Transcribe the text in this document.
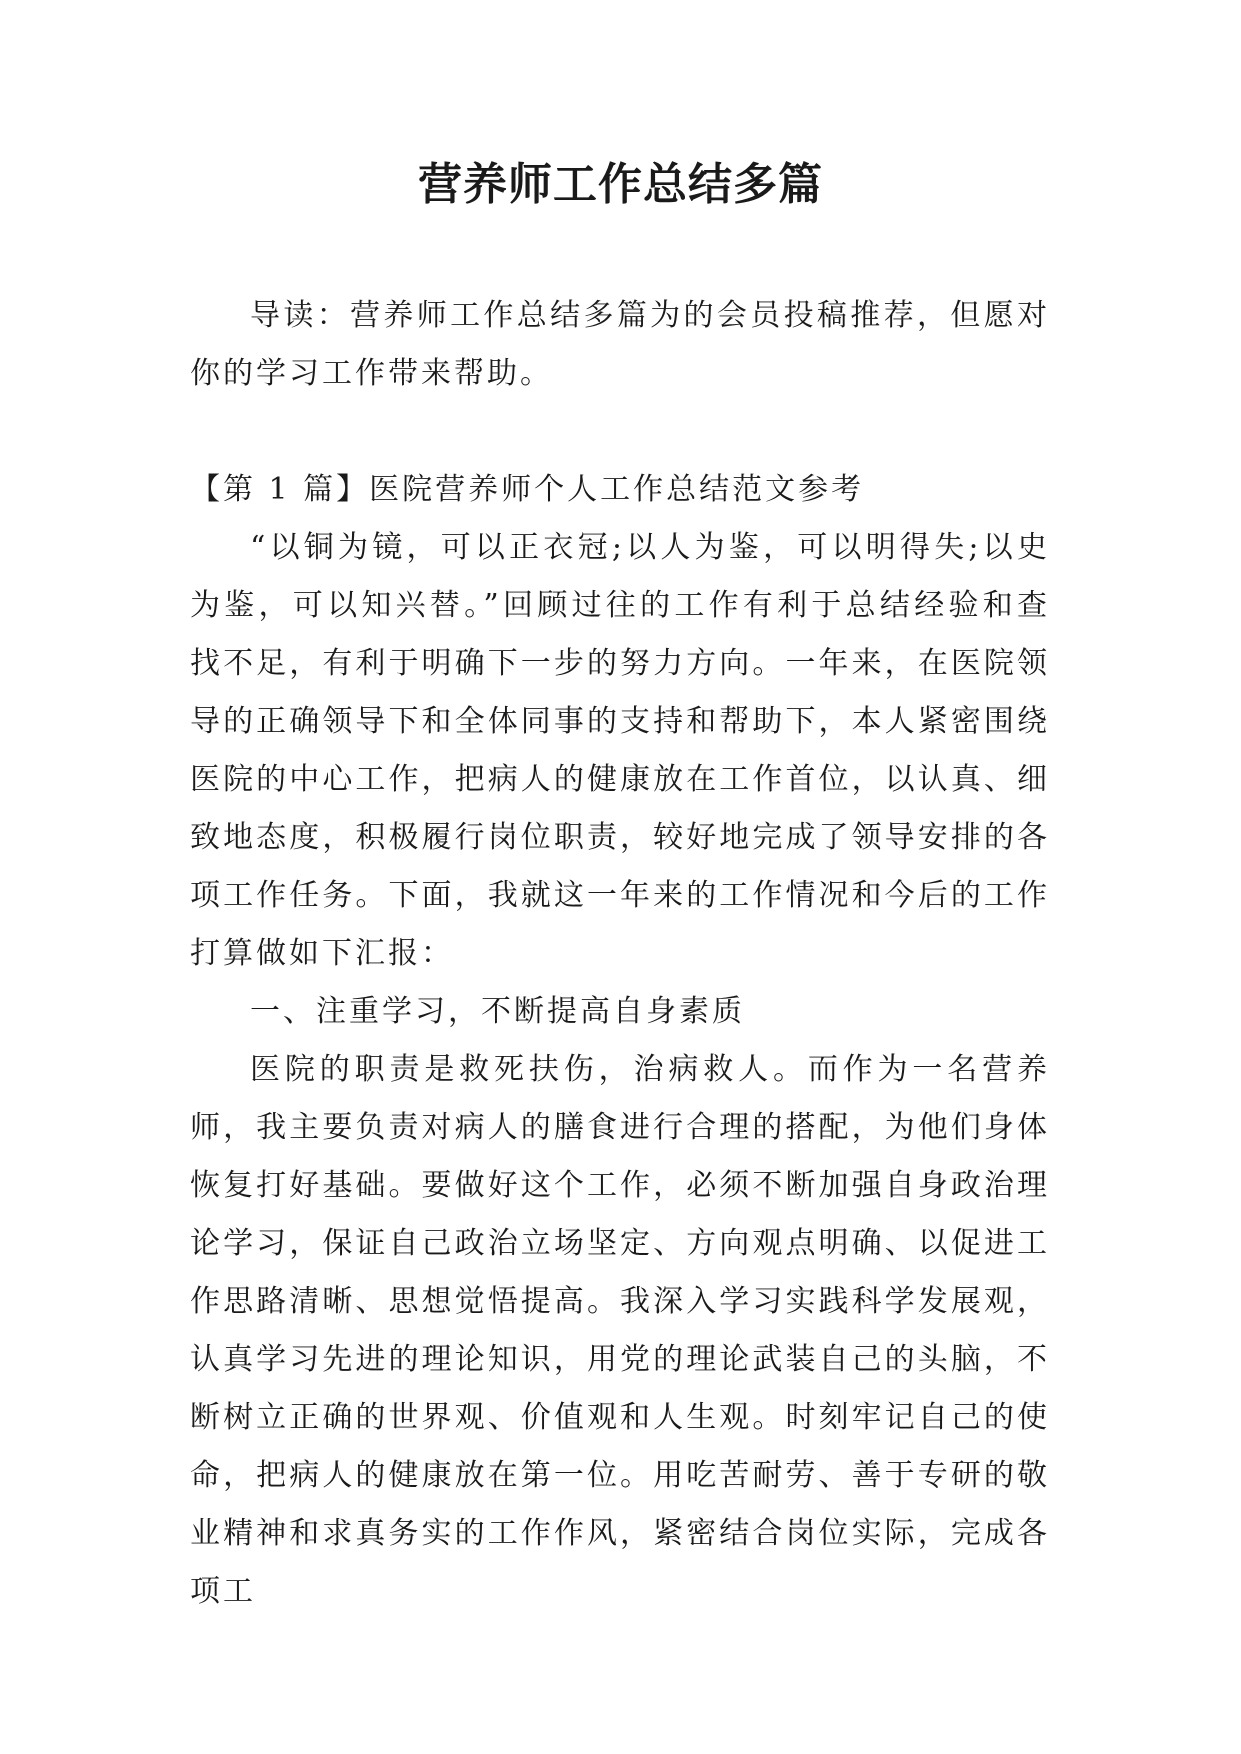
营养师工作总结多篇

导读：营养师工作总结多篇为的会员投稿推荐，但愿对你的学习工作带来帮助。

【第 1 篇】医院营养师个人工作总结范文参考

“以铜为镜，可以正衣冠;以人为鉴，可以明得失;以史为鉴，可以知兴替。”回顾过往的工作有利于总结经验和查找不足，有利于明确下一步的努力方向。一年来，在医院领导的正确领导下和全体同事的支持和帮助下，本人紧密围绕医院的中心工作，把病人的健康放在工作首位，以认真、细致地态度，积极履行岗位职责，较好地完成了领导安排的各项工作任务。下面，我就这一年来的工作情况和今后的工作打算做如下汇报：

一、注重学习，不断提高自身素质

医院的职责是救死扶伤，治病救人。而作为一名营养师，我主要负责对病人的膳食进行合理的搭配，为他们身体恢复打好基础。要做好这个工作，必须不断加强自身政治理论学习，保证自己政治立场坚定、方向观点明确、以促进工作思路清晰、思想觉悟提高。我深入学习实践科学发展观，认真学习先进的理论知识，用党的理论武装自己的头脑，不断树立正确的世界观、价值观和人生观。时刻牢记自己的使命，把病人的健康放在第一位。用吃苦耐劳、善于专研的敬业精神和求真务实的工作作风，紧密结合岗位实际，完成各项工
